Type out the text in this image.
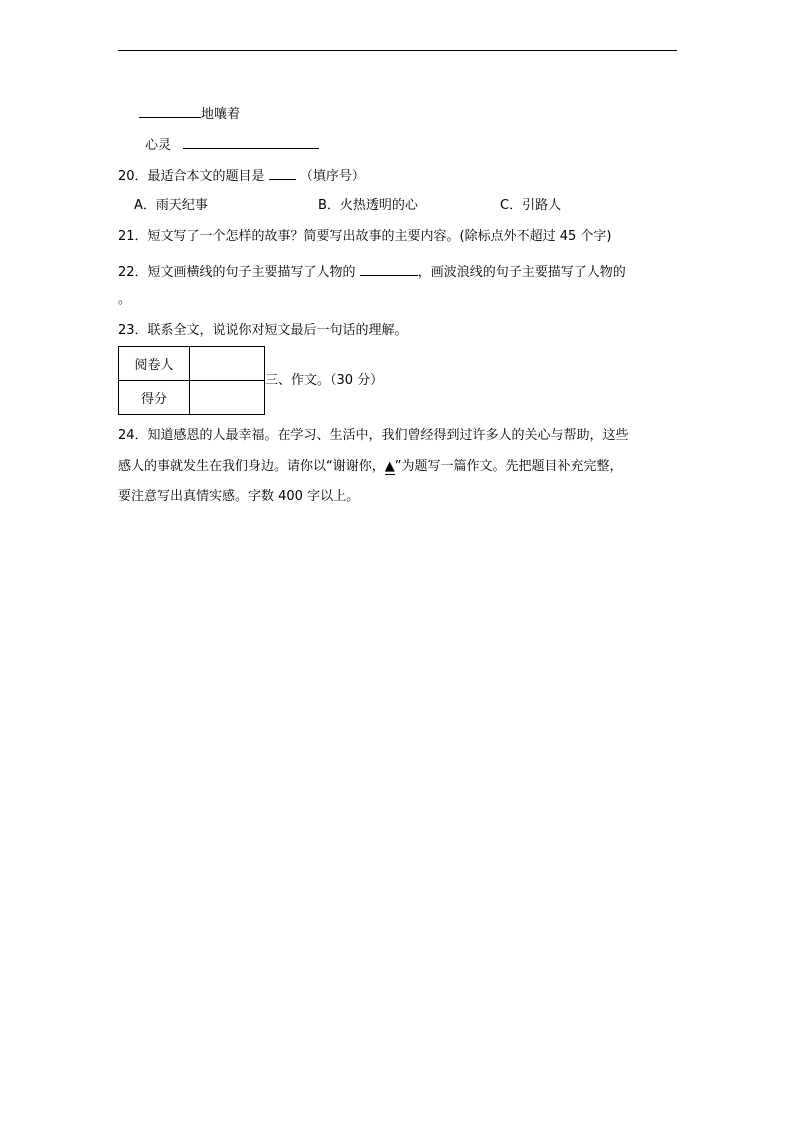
地嚷着
心灵
20．最适合本文的题目是	（填序号）
A．雨天纪事	B．火热透明的心	C．引路人
21．短文写了一个怎样的故事？简要写出故事的主要内容。(除标点外不超过 45 个字)
22．短文画横线的句子主要描写了人物的	，画波浪线的句子主要描写了人物的
。
23．联系全文，说说你对短文最后一句话的理解。
阅卷人	
得分	
三、作文。（30 分）
24．知道感恩的人最幸福。在学习、生活中，我们曾经得到过许多人的关心与帮助，这些
感人的事就发生在我们身边。请你以“谢谢你，▲”为题写一篇作文。先把题目补充完整，
要注意写出真情实感。字数 400 字以上。
